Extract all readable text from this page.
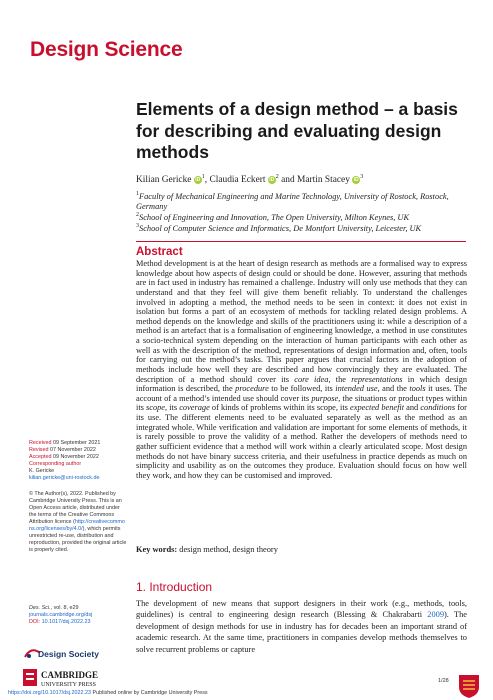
Design Science
Elements of a design method – a basis for describing and evaluating design methods
Kilian Gericke iD $^1$, Claudia Eckert iD $^2$ and Martin Stacey iD $^3$
$^1$Faculty of Mechanical Engineering and Marine Technology, University of Rostock, Rostock, Germany
$^2$School of Engineering and Innovation, The Open University, Milton Keynes, UK
$^3$School of Computer Science and Informatics, De Montfort University, Leicester, UK
Abstract
Method development is at the heart of design research as methods are a formalised way to express knowledge about how aspects of design could or should be done. However, assuring that methods are in fact used in industry has remained a challenge. Industry will only use methods that they can understand and that they feel will give them benefit reliably. To understand the challenges involved in adopting a method, the method needs to be seen in context: it does not exist in isolation but forms a part of an ecosystem of methods for tackling related design problems. A method depends on the knowledge and skills of the practitioners using it: while a description of a method is an artefact that is a formalisation of engineering knowledge, a method in use constitutes a socio-technical system depending on the interaction of human participants with each other as well as with the description of the method, representations of design information and, often, tools for carrying out the method’s tasks. This paper argues that crucial factors in the adoption of methods include how well they are described and how convincingly they are evaluated. The description of a method should cover its core idea, the representations in which design information is described, the procedure to be followed, its intended use, and the tools it uses. The account of a method’s intended use should cover its purpose, the situations or product types within its scope, its coverage of kinds of problems within its scope, its expected benefit and conditions for its use. The different elements need to be evaluated separately as well as the method as an integrated whole. While verification and validation are important for some elements of methods, it is rarely possible to prove the validity of a method. Rather the developers of methods need to gather sufficient evidence that a method will work within a clearly articulated scope. Most design methods do not have binary success criteria, and their usefulness in practice depends as much on simplicity and usability as on the outcomes they produce. Evaluation should focus on how well they work, and how they can be customised and improved.
Key words: design method, design theory
1. Introduction
The development of new means that support designers in their work (e.g., methods, tools, guidelines) is central to engineering design research (Blessing & Chakrabarti 2009). The development of design methods for use in industry has for decades been an important strand of academic research. At the same time, practitioners in companies develop methods themselves to solve recurrent problems or capture
Received 09 September 2021
Revised 07 November 2022
Accepted 09 November 2022
Corresponding author
K. Gericke
kilian.gericke@uni-rostock.de
© The Author(s), 2022. Published by Cambridge University Press. This is an Open Access article, distributed under the terms of the Creative Commons Attribution licence (http://creativecommons.org/licenses/by/4.0/), which permits unrestricted re-use, distribution and reproduction, provided the original article is properly cited.
Des. Sci., vol. 8, e29
journals.cambridge.org/dsj
DOI: 10.1017/dsj.2022.23
Design Society
CAMBRIDGE
UNIVERSITY PRESS
1/28
https://doi.org/10.1017/dsj.2022.23 Published online by Cambridge University Press
